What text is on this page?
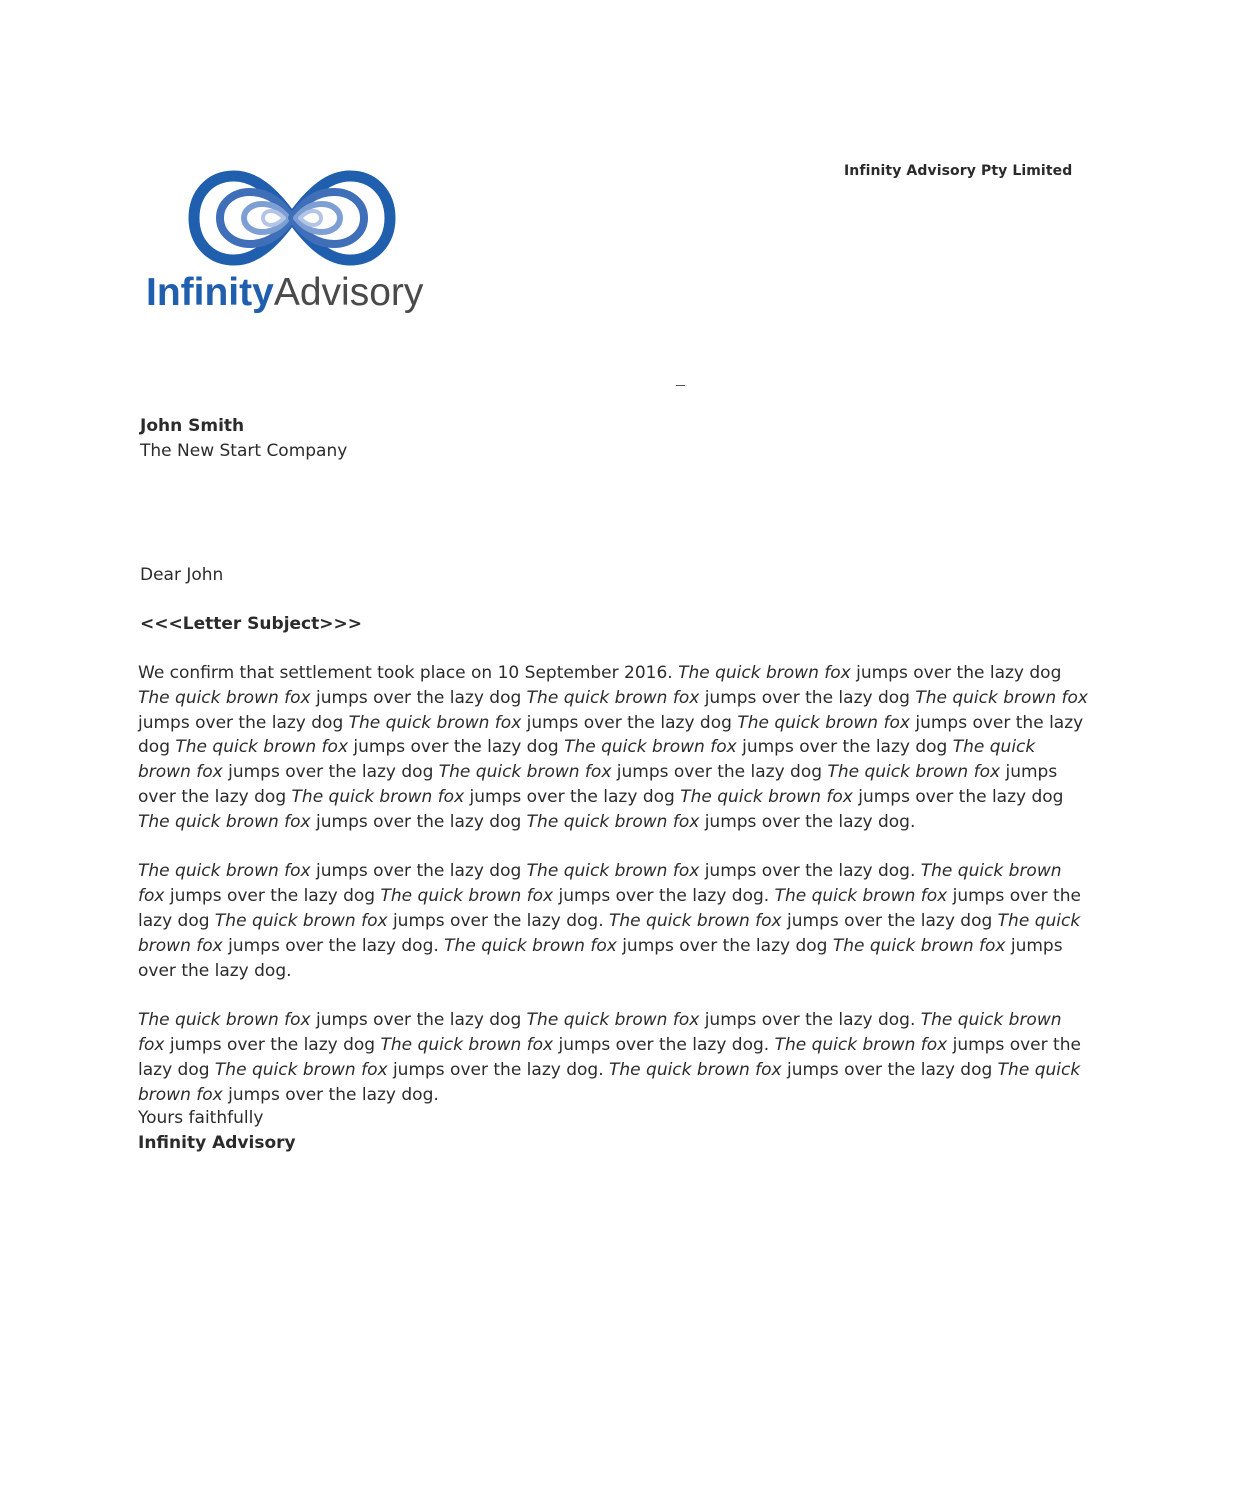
Infinity Advisory Pty Limited
InfinityAdvisory
John Smith
The New Start Company
Dear John
<<<Letter Subject>>>

We confirm that settlement took place on 10 September 2016. The quick brown fox jumps over the lazy dog The quick brown fox jumps over the lazy dog The quick brown fox jumps over the lazy dog The quick brown fox jumps over the lazy dog The quick brown fox jumps over the lazy dog The quick brown fox jumps over the lazy dog The quick brown fox jumps over the lazy dog The quick brown fox jumps over the lazy dog The quick brown fox jumps over the lazy dog The quick brown fox jumps over the lazy dog The quick brown fox jumps over the lazy dog The quick brown fox jumps over the lazy dog The quick brown fox jumps over the lazy dog The quick brown fox jumps over the lazy dog The quick brown fox jumps over the lazy dog.

The quick brown fox jumps over the lazy dog The quick brown fox jumps over the lazy dog. The quick brown fox jumps over the lazy dog The quick brown fox jumps over the lazy dog. The quick brown fox jumps over the lazy dog The quick brown fox jumps over the lazy dog. The quick brown fox jumps over the lazy dog The quick brown fox jumps over the lazy dog. The quick brown fox jumps over the lazy dog The quick brown fox jumps over the lazy dog.

The quick brown fox jumps over the lazy dog The quick brown fox jumps over the lazy dog. The quick brown fox jumps over the lazy dog The quick brown fox jumps over the lazy dog. The quick brown fox jumps over the lazy dog The quick brown fox jumps over the lazy dog. The quick brown fox jumps over the lazy dog The quick brown fox jumps over the lazy dog.

Yours faithfully
Infinity Advisory
